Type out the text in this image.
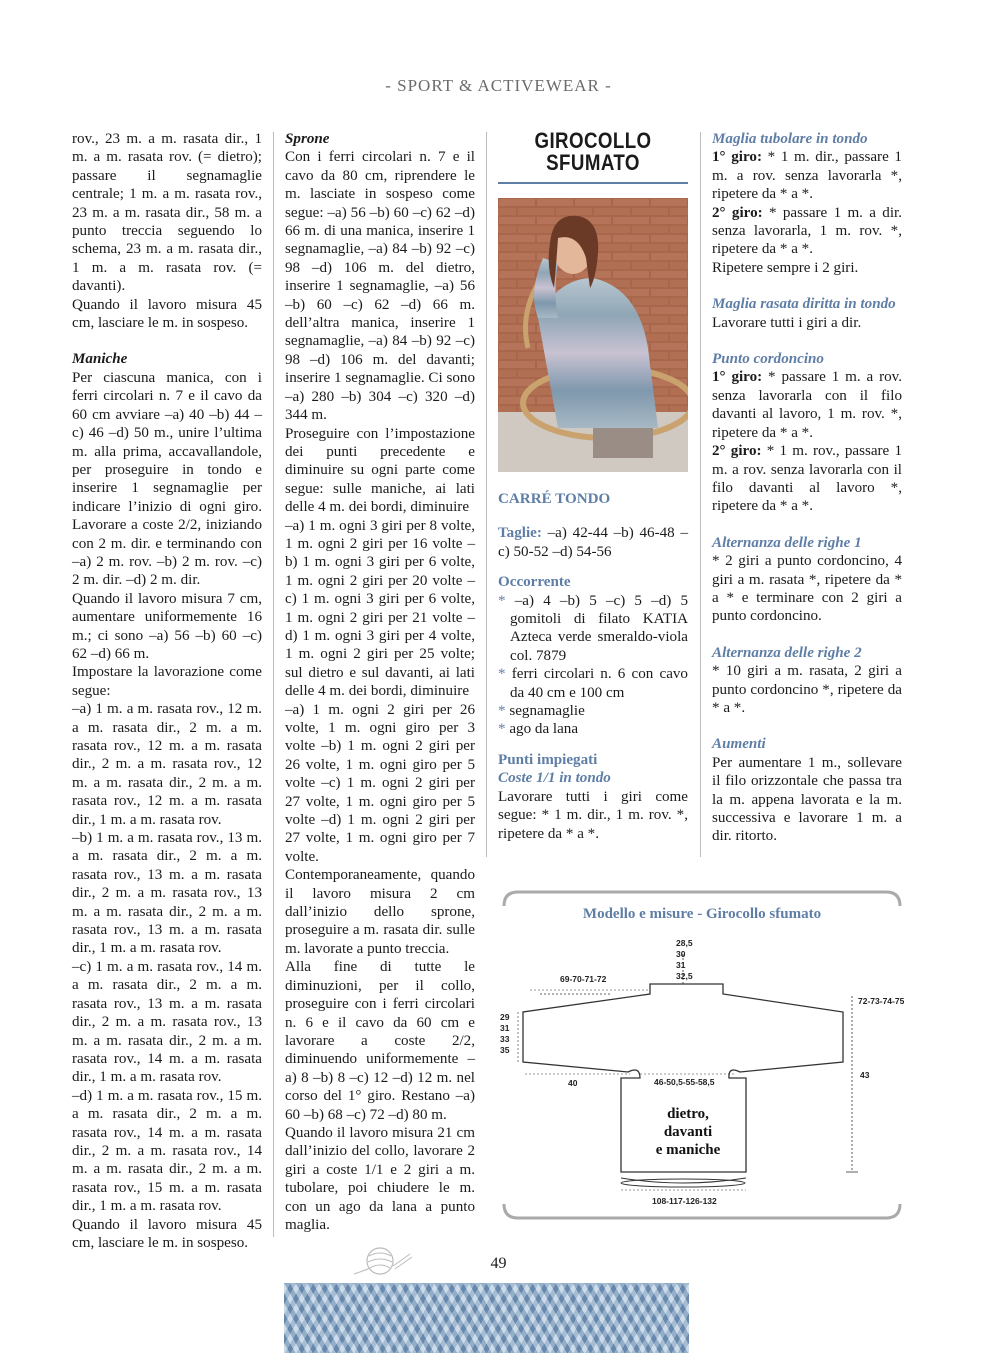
- SPORT & ACTIVEWEAR -

rov., 23 m. a m. rasata dir., 1 m. a m. rasata rov. (= dietro); passare il segnamaglie centrale; 1 m. a m. rasata rov., 23 m. a m. rasata dir., 58 m. a punto treccia seguendo lo schema, 23 m. a m. rasata dir., 1 m. a m. rasata rov. (= davanti).

Quando il lavoro misura 45 cm, lasciare le m. in sospeso.

Maniche

Per ciascuna manica, con i ferri circolari n. 7 e il cavo da 60 cm avviare –a) 40 –b) 44 –c) 46 –d) 50 m., unire l’ultima m. alla prima, accavallandole, per proseguire in tondo e inserire 1 segnamaglie per indicare l’inizio di ogni giro. Lavorare a coste 2/2, iniziando con 2 m. dir. e terminando con –a) 2 m. rov. –b) 2 m. rov. –c) 2 m. dir. –d) 2 m. dir.

Quando il lavoro misura 7 cm, aumentare uniformemente 16 m.; ci sono –a) 56 –b) 60 –c) 62 –d) 66 m.

Impostare la lavorazione come segue:

–a) 1 m. a m. rasata rov., 12 m. a m. rasata dir., 2 m. a m. rasata rov., 12 m. a m. rasata dir., 2 m. a m. rasata rov., 12 m. a m. rasata dir., 2 m. a m. rasata rov., 12 m. a m. rasata dir., 1 m. a m. rasata rov.

–b) 1 m. a m. rasata rov., 13 m. a m. rasata dir., 2 m. a m. rasata rov., 13 m. a m. rasata dir., 2 m. a m. rasata rov., 13 m. a m. rasata dir., 2 m. a m. rasata rov., 13 m. a m. rasata dir., 1 m. a m. rasata rov.

–c) 1 m. a m. rasata rov., 14 m. a m. rasata dir., 2 m. a m. rasata rov., 13 m. a m. rasata dir., 2 m. a m. rasata rov., 13 m. a m. rasata dir., 2 m. a m. rasata rov., 14 m. a m. rasata dir., 1 m. a m. rasata rov.

–d) 1 m. a m. rasata rov., 15 m. a m. rasata dir., 2 m. a m. rasata rov., 14 m. a m. rasata dir., 2 m. a m. rasata rov., 14 m. a m. rasata dir., 2 m. a m. rasata rov., 15 m. a m. rasata dir., 1 m. a m. rasata rov.

Quando il lavoro misura 45 cm, lasciare le m. in sospeso.

Sprone

Con i ferri circolari n. 7 e il cavo da 80 cm, riprendere le m. lasciate in sospeso come segue: –a) 56 –b) 60 –c) 62 –d) 66 m. di una manica, inserire 1 segnamaglie, –a) 84 –b) 92 –c) 98 –d) 106 m. del dietro, inserire 1 segnamaglie, –a) 56 –b) 60 –c) 62 –d) 66 m. dell’altra manica, inserire 1 segnamaglie, –a) 84 –b) 92 –c) 98 –d) 106 m. del davanti; inserire 1 segnamaglie. Ci sono –a) 280 –b) 304 –c) 320 –d) 344 m.

Proseguire con l’impostazione dei punti precedente e diminuire su ogni parte come segue: sulle maniche, ai lati delle 4 m. dei bordi, diminuire

–a) 1 m. ogni 3 giri per 8 volte, 1 m. ogni 2 giri per 16 volte –b) 1 m. ogni 3 giri per 6 volte, 1 m. ogni 2 giri per 20 volte –c) 1 m. ogni 3 giri per 6 volte, 1 m. ogni 2 giri per 21 volte –d) 1 m. ogni 3 giri per 4 volte, 1 m. ogni 2 giri per 25 volte; sul dietro e sul davanti, ai lati delle 4 m. dei bordi, diminuire

–a) 1 m. ogni 2 giri per 26 volte, 1 m. ogni giro per 3 volte –b) 1 m. ogni 2 giri per 26 volte, 1 m. ogni giro per 5 volte –c) 1 m. ogni 2 giri per 27 volte, 1 m. ogni giro per 5 volte –d) 1 m. ogni 2 giri per 27 volte, 1 m. ogni giro per 7 volte.

Contemporaneamente, quando il lavoro misura 2 cm dall’inizio dello sprone, proseguire a m. rasata dir. sulle m. lavorate a punto treccia.

Alla fine di tutte le diminuzioni, per il collo, proseguire con i ferri circolari n. 6 e il cavo da 60 cm e lavorare a coste 2/2, diminuendo uniformemente –a) 8 –b) 8 –c) 12 –d) 12 m. nel corso del 1° giro. Restano –a) 60 –b) 68 –c) 72 –d) 80 m.

Quando il lavoro misura 21 cm dall’inizio del collo, lavorare 2 giri a coste 1/1 e 2 giri a m. tubolare, poi chiudere le m. con un ago da lana a punto maglia.

GIROCOLLO
SFUMATO

CARRÉ TONDO

Taglie: –a) 42-44 –b) 46-48 –c) 50-52 –d) 54-56

Occorrente

* –a) 4 –b) 5 –c) 5 –d) 5 gomitoli di filato KATIA Azteca verde smeraldo-viola col. 7879
* ferri circolari n. 6 con cavo da 40 cm e 100 cm
* segnamaglie
* ago da lana

Punti impiegati

Coste 1/1 in tondo

Lavorare tutti i giri come segue: * 1 m. dir., 1 m. rov. *, ripetere da * a *.

Maglia tubolare in tondo

1° giro: * 1 m. dir., passare 1 m. a rov. senza lavorarla *, ripetere da * a *.

2° giro: * passare 1 m. a dir. senza lavorarla, 1 m. rov. *, ripetere da * a *.

Ripetere sempre i 2 giri.

Maglia rasata diritta in tondo

Lavorare tutti i giri a dir.

Punto cordoncino

1° giro: * passare 1 m. a rov. senza lavorarla con il filo davanti al lavoro, 1 m. rov. *, ripetere da * a *.

2° giro: * 1 m. rov., passare 1 m. a rov. senza lavorarla con il filo davanti al lavoro *, ripetere da * a *.

Alternanza delle righe 1

* 2 giri a punto cordoncino, 4 giri a m. rasata *, ripetere da * a * e terminare con 2 giri a punto cordoncino.

Alternanza delle righe 2

* 10 giri a m. rasata, 2 giri a punto cordoncino *, ripetere da * a *.

Aumenti

Per aumentare 1 m., sollevare il filo orizzontale che passa tra la m. appena lavorata e la m. successiva e lavorare 1 m. a dir. ritorto.

Modello e misure - Girocollo sfumato
28,5
30
31
32,5
69-70-71-72
72-73-74-75
29
31
33
35
40	46-50,5-55-58,5
43
108-117-126-132
dietro,
davanti
e maniche
49
